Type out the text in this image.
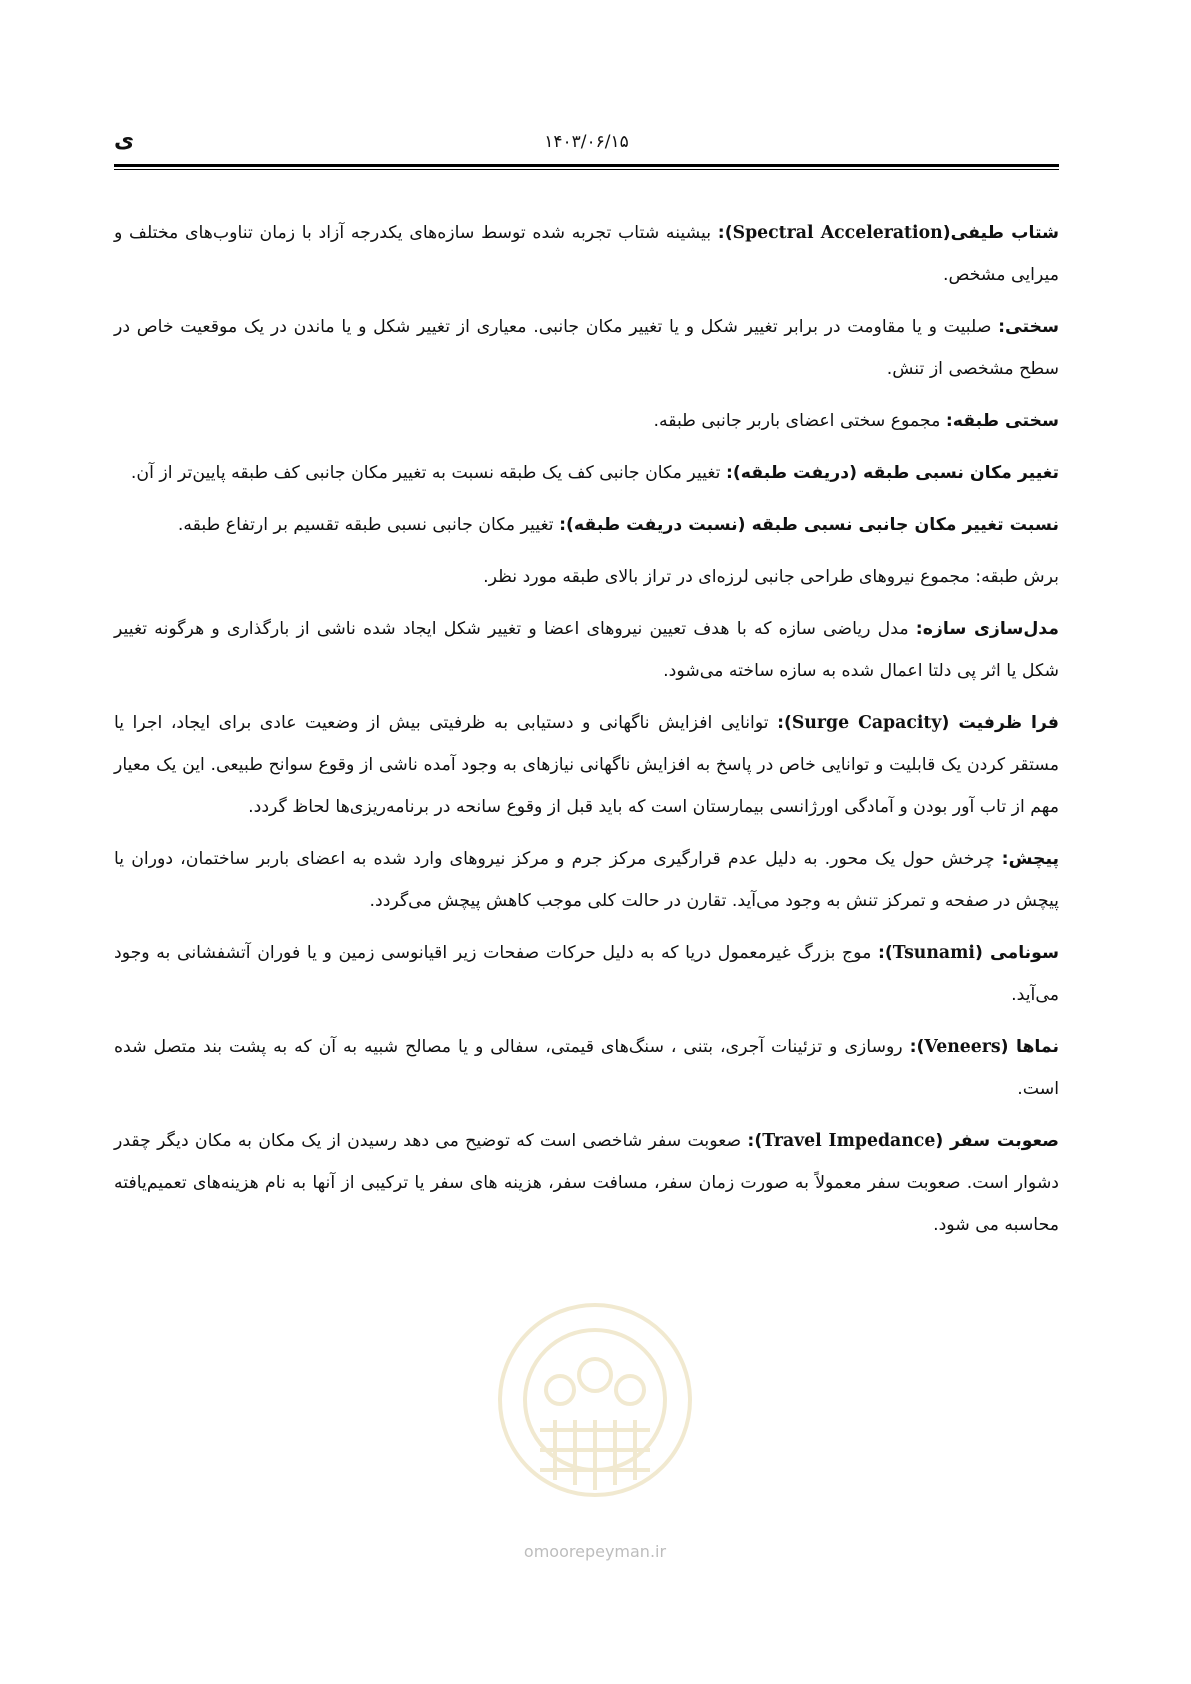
ی	۱۴۰۳/۰۶/۱۵

شتاب طیفی(Spectral Acceleration): بیشینه شتاب تجربه شده توسط سازه‌های یکدرجه آزاد با زمان تناوب‌های مختلف و میرایی مشخص.

سختی: صلبیت و یا مقاومت در برابر تغییر شکل و یا تغییر مکان جانبی. معیاری از تغییر شکل و یا ماندن در یک موقعیت خاص در سطح مشخصی از تنش.

سختی طبقه: مجموع سختی اعضای باربر جانبی طبقه.

تغییر مکان نسبی طبقه (دریفت طبقه): تغییر مکان جانبی کف یک طبقه نسبت به تغییر مکان جانبی کف طبقه پایین‌تر از آن.

نسبت تغییر مکان جانبی نسبی طبقه (نسبت دریفت طبقه): تغییر مکان جانبی نسبی طبقه تقسیم بر ارتفاع طبقه.

برش طبقه: مجموع نیروهای طراحی جانبی لرزه‌ای در تراز بالای طبقه مورد نظر.

مدل‌سازی سازه: مدل ریاضی سازه که با هدف تعیین نیروهای اعضا و تغییر شکل ایجاد شده ناشی از بارگذاری و هرگونه تغییر شکل یا اثر پی دلتا اعمال شده به سازه ساخته می‌شود.

فرا ظرفیت (Surge Capacity): توانایی افزایش ناگهانی و دستیابی به ظرفیتی بیش از وضعیت عادی برای ایجاد، اجرا یا مستقر کردن یک قابلیت و توانایی خاص در پاسخ به افزایش ناگهانی نیازهای به وجود آمده ناشی از وقوع سوانح طبیعی. این یک معیار مهم از تاب آور بودن و آمادگی اورژانسی بیمارستان است که باید قبل از وقوع سانحه در برنامه‌ریزی‌ها لحاظ گردد.

پیچش: چرخش حول یک محور. به دلیل عدم قرارگیری مرکز جرم و مرکز نیروهای وارد شده به اعضای باربر ساختمان، دوران یا پیچش در صفحه و تمرکز تنش به وجود می‌آید. تقارن در حالت کلی موجب کاهش پیچش می‌گردد.

سونامی (Tsunami): موج بزرگ غیرمعمول دریا که به دلیل حرکات صفحات زیر اقیانوسی زمین و یا فوران آتشفشانی به وجود می‌آید.

نماها (Veneers): روسازی و تزئینات آجری، بتنی ، سنگ‌های قیمتی، سفالی و یا مصالح شبیه به آن که به پشت بند متصل شده است.

صعوبت سفر (Travel Impedance): صعوبت سفر شاخصی است که توضیح می دهد رسیدن از یک مکان به مکان دیگر چقدر دشوار است. صعوبت سفر معمولاً به صورت زمان سفر، مسافت سفر، هزینه های سفر یا ترکیبی از آنها به نام هزینه‌های تعمیم‌یافته محاسبه می شود.

omoorepeyman.ir
